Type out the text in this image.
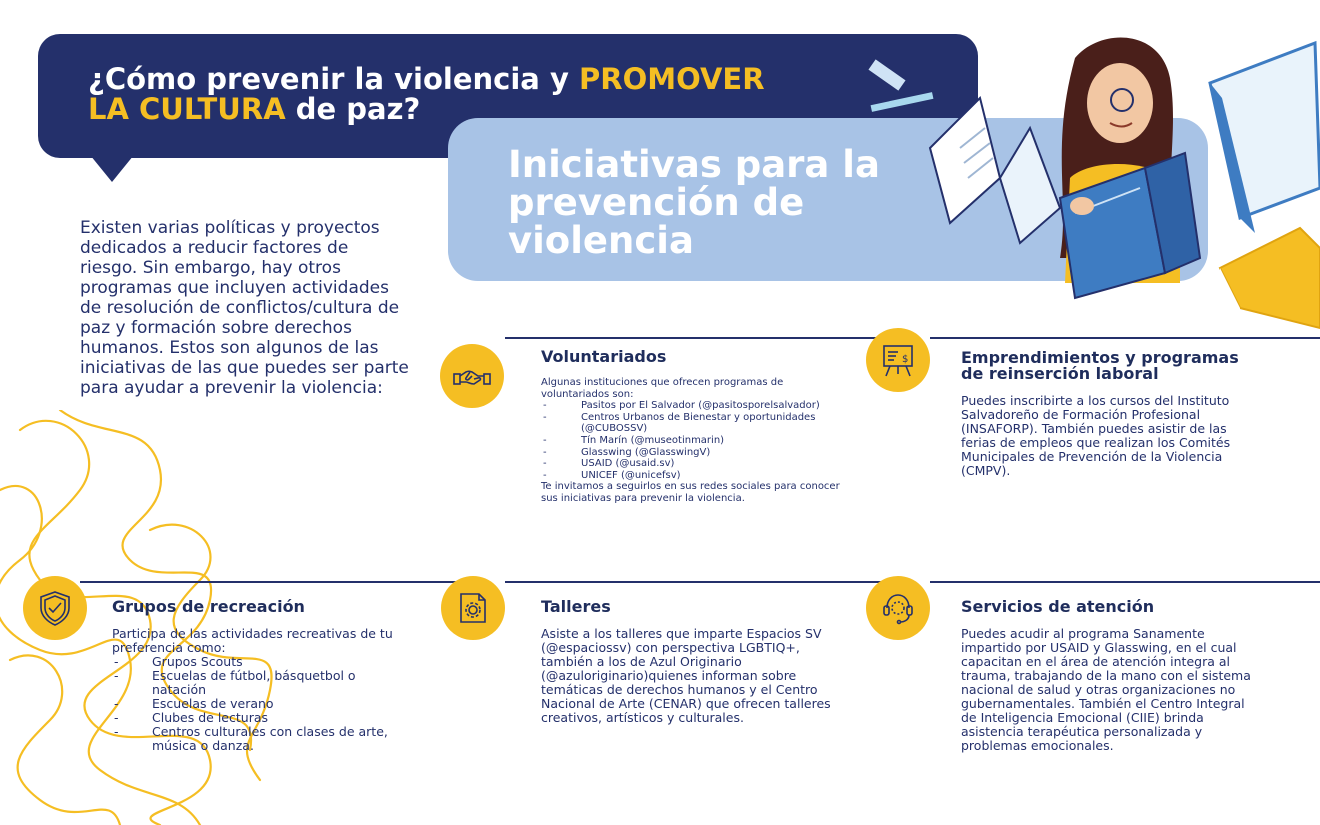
¿Cómo prevenir la violencia y PROMOVER
LA CULTURA de paz?
Iniciativas para la
prevención de
violencia

Existen varias políticas y proyectos dedicados a reducir factores de riesgo. Sin embargo, hay otros programas que incluyen actividades de resolución de conflictos/cultura de paz y formación sobre derechos humanos. Estos son algunos de las iniciativas de las que puedes ser parte para ayudar a prevenir la violencia:

Voluntariados
Algunas instituciones que ofrecen programas de voluntariados son:
- Pasitos por El Salvador (@pasitosporelsalvador)
- Centros Urbanos de Bienestar y oportunidades (@CUBOSSV)
- Tín Marín (@museotinmarin)
- Glasswing (@GlasswingV)
- USAID (@usaid.sv)
- UNICEF (@unicefsv)
Te invitamos a seguirlos en sus redes sociales para conocer sus iniciativas para prevenir la violencia.
$	Emprendimientos y programas
de reinserción laboral
Puedes inscribirte a los cursos del Instituto Salvadoreño de Formación Profesional (INSAFORP). También puedes asistir de las ferias de empleos que realizan los Comités Municipales de Prevención de la Violencia (CMPV).
Grupos de recreación
Participa de las actividades recreativas de tu preferencia como:
- Grupos Scouts
- Escuelas de fútbol, básquetbol o natación
- Escuelas de verano
- Clubes de lecturas
- Centros culturales con clases de arte, música o danza.
Talleres
Asiste a los talleres que imparte Espacios SV (@espaciossv) con perspectiva LGBTIQ+, también a los de Azul Originario (@azuloriginario)quienes informan sobre temáticas de derechos humanos y el Centro Nacional de Arte (CENAR) que ofrecen talleres creativos, artísticos y culturales.
Servicios de atención
Puedes acudir al programa Sanamente impartido por USAID y Glasswing, en el cual capacitan en el área de atención integra al trauma, trabajando de la mano con el sistema nacional de salud y otras organizaciones no gubernamentales. También el Centro Integral de Inteligencia Emocional (CIIE) brinda asistencia terapéutica personalizada y problemas emocionales.
